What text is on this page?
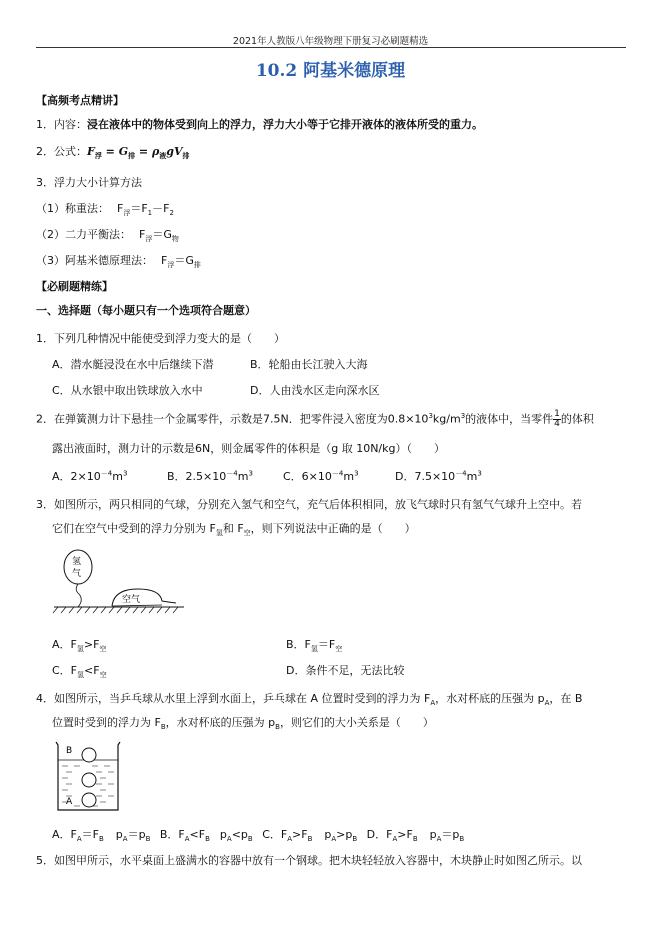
2021年人教版八年级物理下册复习必刷题精选
10.2 阿基米德原理
【高频考点精讲】
1．内容：浸在液体中的物体受到向上的浮力，浮力大小等于它排开液体的液体所受的重力。
2．公式：$F_浮 = G_排 = \rho_液gV_排$
3．浮力大小计算方法
（1）称重法： $F_浮=F_1-F_2$
（2）二力平衡法： $F_浮=G_物$
（3）阿基米德原理法： $F_浮=G_排$
【必刷题精练】
一、选择题（每小题只有一个选项符合题意）
1．下列几种情况中能使受到浮力变大的是（　　）
A．潜水艇浸没在水中后继续下潜	B．轮船由长江驶入大海
C．从水银中取出铁球放入水中	D．人由浅水区走向深水区
2．在弹簧测力计下悬挂一个金属零件，示数是7.5N．把零件浸入密度为$0.8\times 10^3kg/m^3$的液体中，当零件 $\frac{1}{4}$ 的体积
露出液面时，测力计的示数是6N，则金属零件的体积是（g 取 10N/kg）（　　）
A．$2\times 10^{-4}m^3$	B．$2.5\times 10^{-4}m^3$	C．$6\times 10^{-4}m^3$	D．$7.5\times 10^{-4}m^3$
3．如图所示，两只相同的气球，分别充入氢气和空气，充气后体积相同，放飞气球时只有氢气气球升上空中。若
它们在空气中受到的浮力分别为 $F_氢$和 $F_空$，则下列说法中正确的是（　　）
氢
气
空气
A．$F_氢>F_空$	B．$F_氢=F_空$
C．$F_氢<F_空$	D．条件不足，无法比较
4．如图所示，当乒乓球从水里上浮到水面上，乒乓球在 A 位置时受到的浮力为 $F_A$，水对杯底的压强为 $p_A$，在 B
位置时受到的浮力为 $F_B$，水对杯底的压强为 $p_B$，则它们的大小关系是（　　）
B
A
A．$F_A=F_B$ $p_A=p_B$ B．$F_A<F_B$ $p_A<p_B$ C．$F_A>F_B$ $p_A>p_B$ D．$F_A>F_B$ $p_A=p_B$
5．如图甲所示，水平桌面上盛满水的容器中放有一个钢球。把木块轻轻放入容器中，木块静止时如图乙所示。以
